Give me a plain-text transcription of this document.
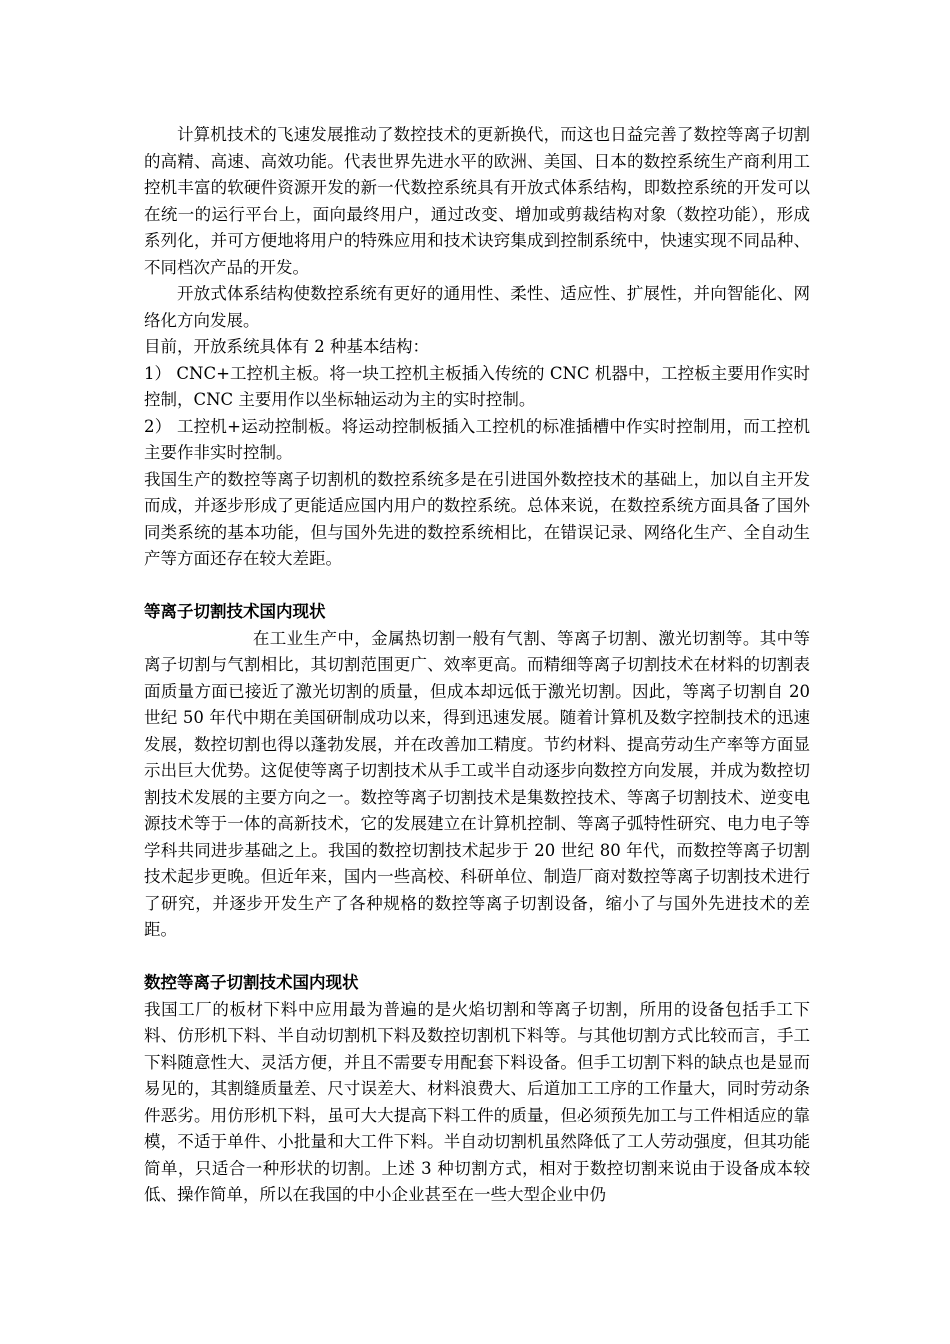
计算机技术的飞速发展推动了数控技术的更新换代，而这也日益完善了数控等离子切割的高精、高速、高效功能。代表世界先进水平的欧洲、美国、日本的数控系统生产商利用工控机丰富的软硬件资源开发的新一代数控系统具有开放式体系结构，即数控系统的开发可以在统一的运行平台上，面向最终用户，通过改变、增加或剪裁结构对象（数控功能），形成系列化，并可方便地将用户的特殊应用和技术诀窍集成到控制系统中，快速实现不同品种、不同档次产品的开发。

开放式体系结构使数控系统有更好的通用性、柔性、适应性、扩展性，并向智能化、网络化方向发展。

目前，开放系统具体有 2 种基本结构：

1） CNC+工控机主板。将一块工控机主板插入传统的 CNC 机器中，工控板主要用作实时控制，CNC 主要用作以坐标轴运动为主的实时控制。

2） 工控机+运动控制板。将运动控制板插入工控机的标准插槽中作实时控制用，而工控机主要作非实时控制。

我国生产的数控等离子切割机的数控系统多是在引进国外数控技术的基础上，加以自主开发而成，并逐步形成了更能适应国内用户的数控系统。总体来说，在数控系统方面具备了国外同类系统的基本功能，但与国外先进的数控系统相比，在错误记录、网络化生产、全自动生产等方面还存在较大差距。

等离子切割技术国内现状

在工业生产中，金属热切割一般有气割、等离子切割、激光切割等。其中等离子切割与气割相比，其切割范围更广、效率更高。而精细等离子切割技术在材料的切割表面质量方面已接近了激光切割的质量，但成本却远低于激光切割。因此，等离子切割自 20 世纪 50 年代中期在美国研制成功以来，得到迅速发展。随着计算机及数字控制技术的迅速发展，数控切割也得以蓬勃发展，并在改善加工精度。节约材料、提高劳动生产率等方面显示出巨大优势。这促使等离子切割技术从手工或半自动逐步向数控方向发展，并成为数控切割技术发展的主要方向之一。数控等离子切割技术是集数控技术、等离子切割技术、逆变电源技术等于一体的高新技术，它的发展建立在计算机控制、等离子弧特性研究、电力电子等学科共同进步基础之上。我国的数控切割技术起步于 20 世纪 80 年代，而数控等离子切割技术起步更晚。但近年来，国内一些高校、科研单位、制造厂商对数控等离子切割技术进行了研究，并逐步开发生产了各种规格的数控等离子切割设备，缩小了与国外先进技术的差距。

数控等离子切割技术国内现状

我国工厂的板材下料中应用最为普遍的是火焰切割和等离子切割，所用的设备包括手工下料、仿形机下料、半自动切割机下料及数控切割机下料等。与其他切割方式比较而言，手工下料随意性大、灵活方便，并且不需要专用配套下料设备。但手工切割下料的缺点也是显而易见的，其割缝质量差、尺寸误差大、材料浪费大、后道加工工序的工作量大，同时劳动条件恶劣。用仿形机下料，虽可大大提高下料工件的质量，但必须预先加工与工件相适应的靠模，不适于单件、小批量和大工件下料。半自动切割机虽然降低了工人劳动强度，但其功能简单，只适合一种形状的切割。上述 3 种切割方式，相对于数控切割来说由于设备成本较低、操作简单，所以在我国的中小企业甚至在一些大型企业中仍
